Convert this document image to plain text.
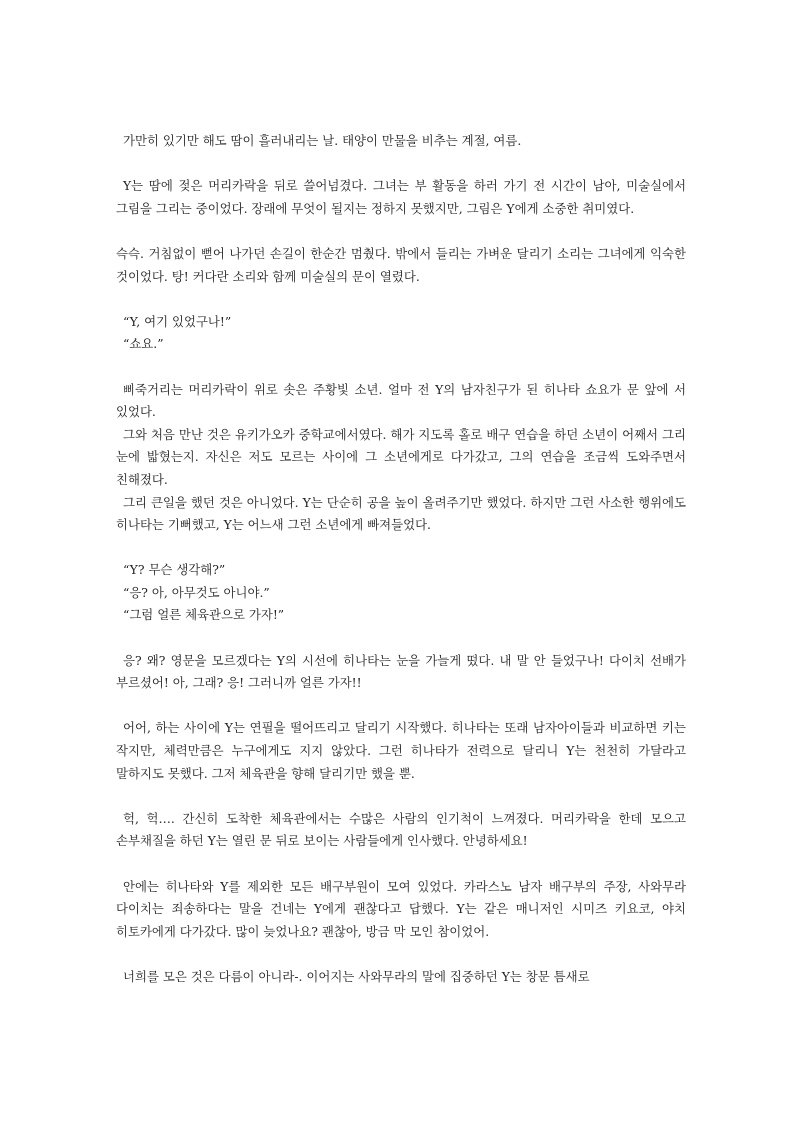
가만히 있기만 해도 땀이 흘러내리는 날. 태양이 만물을 비추는 계절, 여름.

Y는 땀에 젖은 머리카락을 뒤로 쓸어넘겼다. 그녀는 부 활동을 하러 가기 전 시간이 남아, 미술실에서 그림을 그리는 중이었다. 장래에 무엇이 될지는 정하지 못했지만, 그림은 Y에게 소중한 취미였다.

슥슥. 거침없이 뻗어 나가던 손길이 한순간 멈췄다. 밖에서 들리는 가벼운 달리기 소리는 그녀에게 익숙한 것이었다. 탕! 커다란 소리와 함께 미술실의 문이 열렸다.

“Y, 여기 있었구나!”
“쇼요.”

삐죽거리는 머리카락이 위로 솟은 주황빛 소년. 얼마 전 Y의 남자친구가 된 히나타 쇼요가 문 앞에 서 있었다.
그와 처음 만난 것은 유키가오카 중학교에서였다. 해가 지도록 홀로 배구 연습을 하던 소년이 어째서 그리 눈에 밟혔는지. 자신은 저도 모르는 사이에 그 소년에게로 다가갔고, 그의 연습을 조금씩 도와주면서 친해졌다.
그리 큰일을 했던 것은 아니었다. Y는 단순히 공을 높이 올려주기만 했었다. 하지만 그런 사소한 행위에도 히나타는 기뻐했고, Y는 어느새 그런 소년에게 빠져들었다.

“Y? 무슨 생각해?”
“응? 아, 아무것도 아니야.”
“그럼 얼른 체육관으로 가자!”

응? 왜? 영문을 모르겠다는 Y의 시선에 히나타는 눈을 가늘게 떴다. 내 말 안 들었구나! 다이치 선배가 부르셨어! 아, 그래? 응! 그러니까 얼른 가자!!

어어, 하는 사이에 Y는 연필을 떨어뜨리고 달리기 시작했다. 히나타는 또래 남자아이들과 비교하면 키는 작지만, 체력만큼은 누구에게도 지지 않았다. 그런 히나타가 전력으로 달리니 Y는 천천히 가달라고 말하지도 못했다. 그저 체육관을 향해 달리기만 했을 뿐.

헉, 헉…. 간신히 도착한 체육관에서는 수많은 사람의 인기척이 느껴졌다. 머리카락을 한데 모으고 손부채질을 하던 Y는 열린 문 뒤로 보이는 사람들에게 인사했다. 안녕하세요!

안에는 히나타와 Y를 제외한 모든 배구부원이 모여 있었다. 카라스노 남자 배구부의 주장, 사와무라 다이치는 죄송하다는 말을 건네는 Y에게 괜찮다고 답했다. Y는 같은 매니저인 시미즈 키요코, 야치 히토카에게 다가갔다. 많이 늦었나요? 괜찮아, 방금 막 모인 참이었어.

너희를 모은 것은 다름이 아니라-. 이어지는 사와무라의 말에 집중하던 Y는 창문 틈새로
